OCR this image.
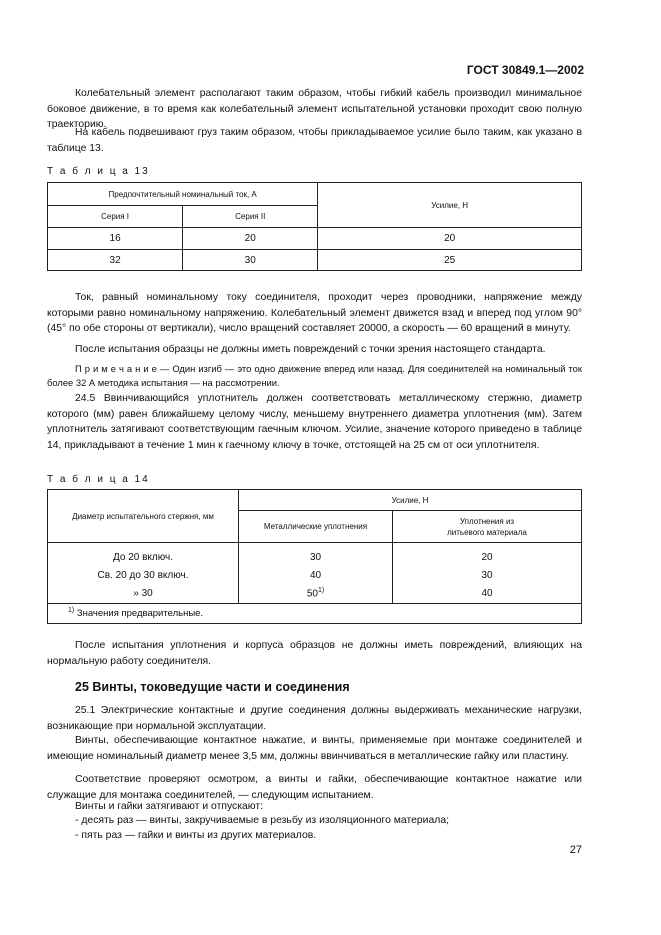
ГОСТ 30849.1—2002

Колебательный элемент располагают таким образом, чтобы гибкий кабель производил минимальное боковое движение, в то время как колебательный элемент испытательной установки проходит свою полную траекторию.

На кабель подвешивают груз таким образом, чтобы прикладываемое усилие было таким, как указано в таблице 13.

Т а б л и ц а 13
Предпочтительный номинальный ток, А		Усилие, Н
Серия I	Серия II	
16	20	20
32	30	25

Ток, равный номинальному току соединителя, проходит через проводники, напряжение между которыми равно номинальному напряжению. Колебательный элемент движется взад и вперед под углом 90° (45° по обе стороны от вертикали), число вращений составляет 20000, а скорость — 60 вращений в минуту.

После испытания образцы не должны иметь повреждений с точки зрения настоящего стандарта.

П р и м е ч а н и е — Один изгиб — это одно движение вперед или назад. Для соединителей на номинальный ток более 32 А методика испытания — на рассмотрении.

24.5 Ввинчивающийся уплотнитель должен соответствовать металлическому стержню, диаметр которого (мм) равен ближайшему целому числу, меньшему внутреннего диаметра уплотнения (мм). Затем уплотнитель затягивают соответствующим гаечным ключом. Усилие, значение которого приведено в таблице 14, прикладывают в течение 1 мин к гаечному ключу в точке, отстоящей на 25 см от оси уплотнителя.

Т а б л и ц а 14
Диаметр испытательного стержня, мм	Усилие, Н	
	Металлические уплотнения	Уплотнения из литьевого материала
До 20 включ.	30	20
Св. 20 до 30 включ.	40	30
» 30	50$^{1)}$	40
$^{1)}$ Значения предварительные.		

После испытания уплотнения и корпуса образцов не должны иметь повреждений, влияющих на нормальную работу соединителя.

25 Винты, токоведущие части и соединения

25.1 Электрические контактные и другие соединения должны выдерживать механические нагрузки, возникающие при нормальной эксплуатации.

Винты, обеспечивающие контактное нажатие, и винты, применяемые при монтаже соединителей и имеющие номинальный диаметр менее 3,5 мм, должны ввинчиваться в металлические гайку или пластину.

Соответствие проверяют осмотром, а винты и гайки, обеспечивающие контактное нажатие или служащие для монтажа соединителей, — следующим испытанием.

Винты и гайки затягивают и отпускают:

- десять раз — винты, закручиваемые в резьбу из изоляционного материала;
- пять раз — гайки и винты из других материалов.
27
